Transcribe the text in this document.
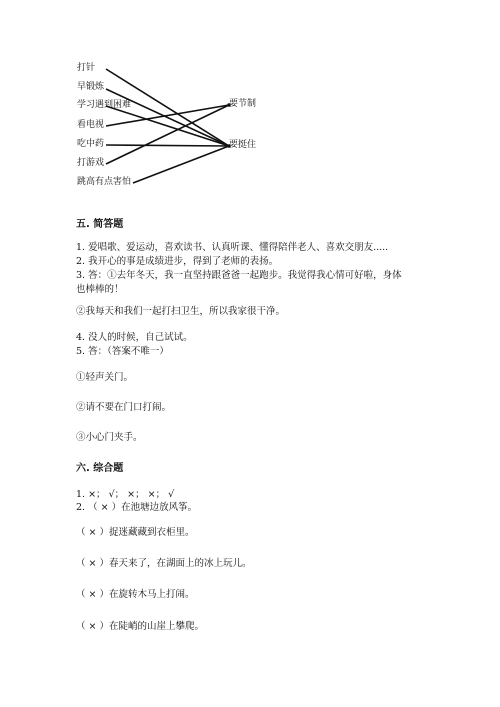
打针
早锻炼
学习遇到困难
看电视
吃中药
打游戏
跳高有点害怕
要节制
要挺住
五. 简答题
1. 爱唱歌、爱运动，喜欢读书、认真听课、懂得陪伴老人、喜欢交朋友.....
2. 我开心的事是成绩进步，得到了老师的表扬。
3. 答：①去年冬天，我一直坚持跟爸爸一起跑步。我觉得我心情可好啦，身体
也棒棒的！
②我每天和我们一起打扫卫生，所以我家很干净。
4. 没人的时候，自己试试。
5. 答：（答案不唯一）
①轻声关门。
②请不要在门口打闹。
③小心门夹手。
六. 综合题
1. ×； √； ×； ×； √
2. （ × ）在池塘边放风筝。
（ × ）捉迷藏藏到衣柜里。
（ × ）春天来了，在湖面上的冰上玩儿。
（ × ）在旋转木马上打闹。
（ × ）在陡峭的山崖上攀爬。
